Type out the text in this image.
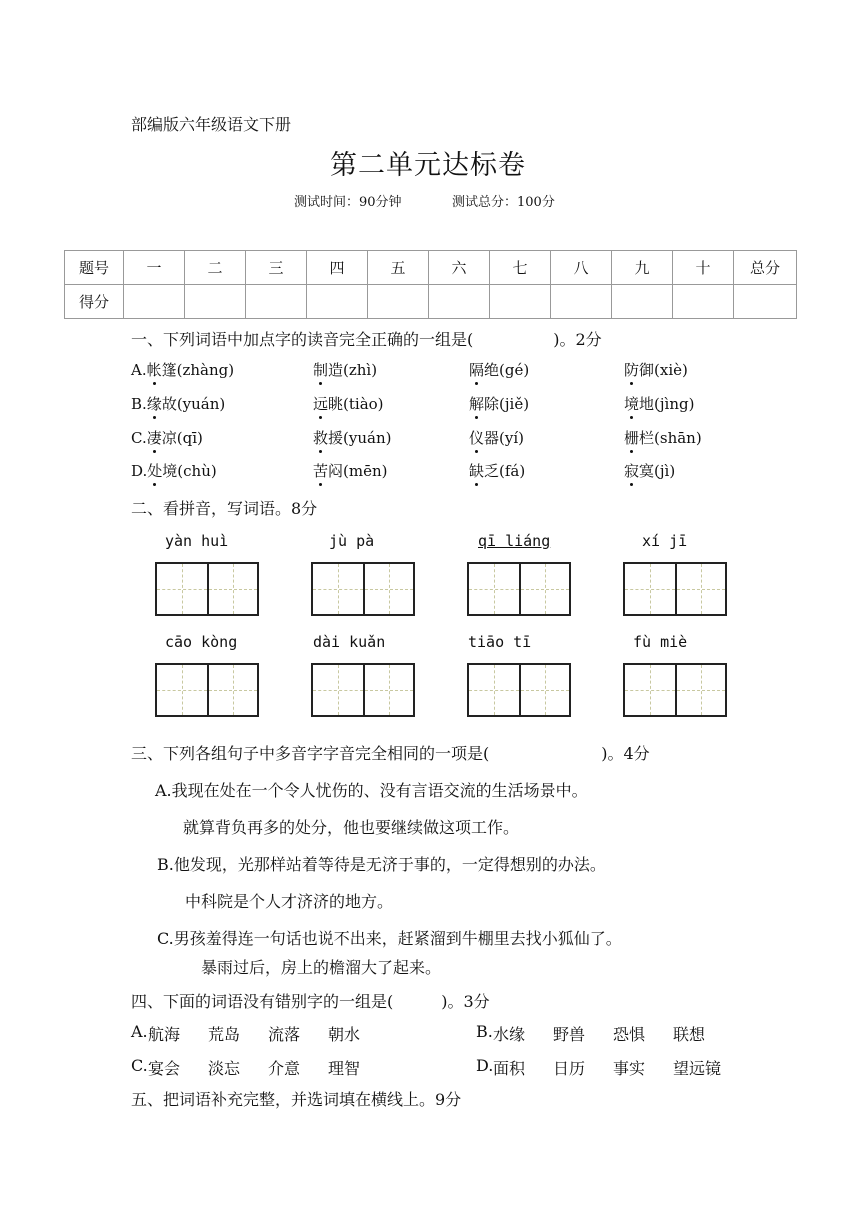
部编版六年级语文下册
第二单元达标卷
测试时间：90分钟	测试总分：100分
题号	一	二	三	四	五	六	七	八	九	十	总分
得分											
一、下列词语中加点字的读音完全正确的一组是(　　　　　)。2分
A.帐篷(zhàng)	制造(zhì)	隔绝(gé)	防御(xiè)
B.缘故(yuán)	远眺(tiào)	解除(jiě)	境地(jìng)
C.凄凉(qī)	救援(yuán)	仪器(yí)	栅栏(shān)
D.处境(chù)	苦闷(mēn)	缺乏(fá)	寂寞(jì)
二、看拼音，写词语。8分
yàn huì	jù pà	qī liáng	xí jī
cāo kòng	dài kuǎn	tiāo tī	fù miè
三、下列各组句子中多音字字音完全相同的一项是(　　　　　　　)。4分
A.我现在处在一个令人忧伤的、没有言语交流的生活场景中。
就算背负再多的处分，他也要继续做这项工作。
B.他发现，光那样站着等待是无济于事的，一定得想别的办法。
中科院是个人才济济的地方。
C.男孩羞得连一句话也说不出来，赶紧溜到牛棚里去找小狐仙了。
暴雨过后，房上的檐溜大了起来。
四、下面的词语没有错别字的一组是(　　　)。3分
A. 航海 荒岛 流落 朝水	B. 水缘 野兽 恐惧 联想
C. 宴会 淡忘 介意 理智	D. 面积 日历 事实 望远镜
五、把词语补充完整，并选词填在横线上。9分
